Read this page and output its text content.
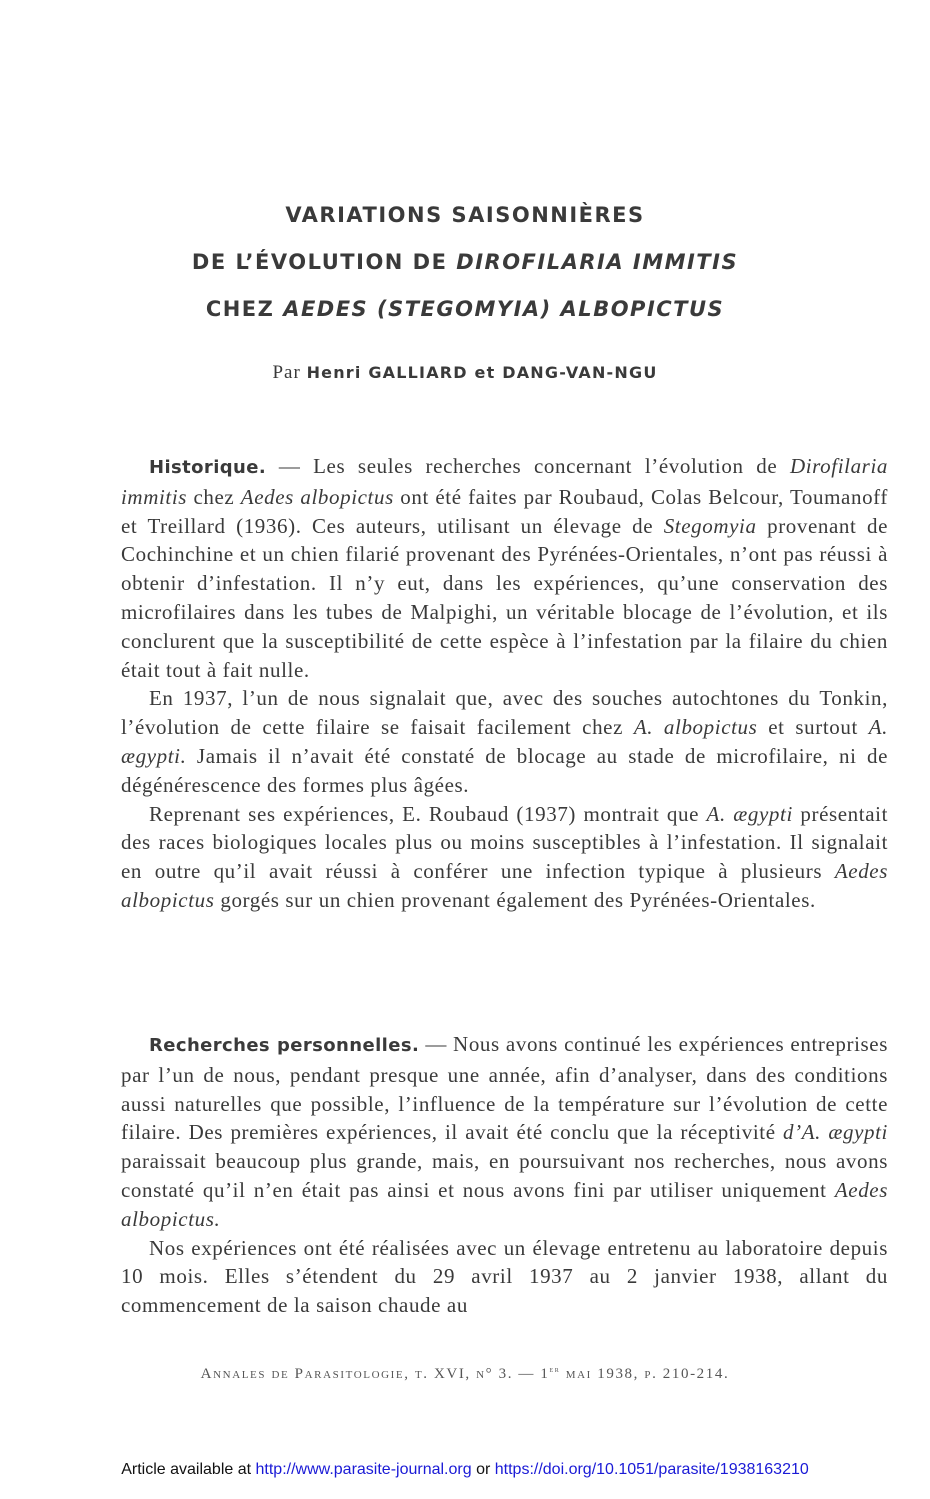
VARIATIONS SAISONNIÈRES
DE L’ÉVOLUTION DE DIROFILARIA IMMITIS
CHEZ AEDES (STEGOMYIA) ALBOPICTUS
Par Henri GALLIARD et DANG-VAN-NGU

Historique. — Les seules recherches concernant l’évolution de Dirofilaria immitis chez Aedes albopictus ont été faites par Roubaud, Colas Belcour, Toumanoff et Treillard (1936). Ces auteurs, utilisant un élevage de Stegomyia provenant de Cochinchine et un chien filarié provenant des Pyrénées-Orientales, n’ont pas réussi à obtenir d’infestation. Il n’y eut, dans les expériences, qu’une conservation des microfilaires dans les tubes de Malpighi, un véritable blocage de l’évolution, et ils conclurent que la susceptibilité de cette espèce à l’infestation par la filaire du chien était tout à fait nulle.

En 1937, l’un de nous signalait que, avec des souches autochtones du Tonkin, l’évolution de cette filaire se faisait facilement chez A. albopictus et surtout A. ægypti. Jamais il n’avait été constaté de blocage au stade de microfilaire, ni de dégénérescence des formes plus âgées.

Reprenant ses expériences, E. Roubaud (1937) montrait que A. ægypti présentait des races biologiques locales plus ou moins susceptibles à l’infestation. Il signalait en outre qu’il avait réussi à conférer une infection typique à plusieurs Aedes albopictus gorgés sur un chien provenant également des Pyrénées-Orientales.

Recherches personnelles. — Nous avons continué les expériences entreprises par l’un de nous, pendant presque une année, afin d’analyser, dans des conditions aussi naturelles que possible, l’influence de la température sur l’évolution de cette filaire. Des premières expériences, il avait été conclu que la réceptivité d’A. ægypti paraissait beaucoup plus grande, mais, en poursuivant nos recherches, nous avons constaté qu’il n’en était pas ainsi et nous avons fini par utiliser uniquement Aedes albopictus.

Nos expériences ont été réalisées avec un élevage entretenu au laboratoire depuis 10 mois. Elles s’étendent du 29 avril 1937 au 2 janvier 1938, allant du commencement de la saison chaude au

Annales de Parasitologie, t. XVI, n° 3. — 1er mai 1938, p. 210-214.
Article available at http://www.parasite-journal.org or https://doi.org/10.1051/parasite/1938163210
